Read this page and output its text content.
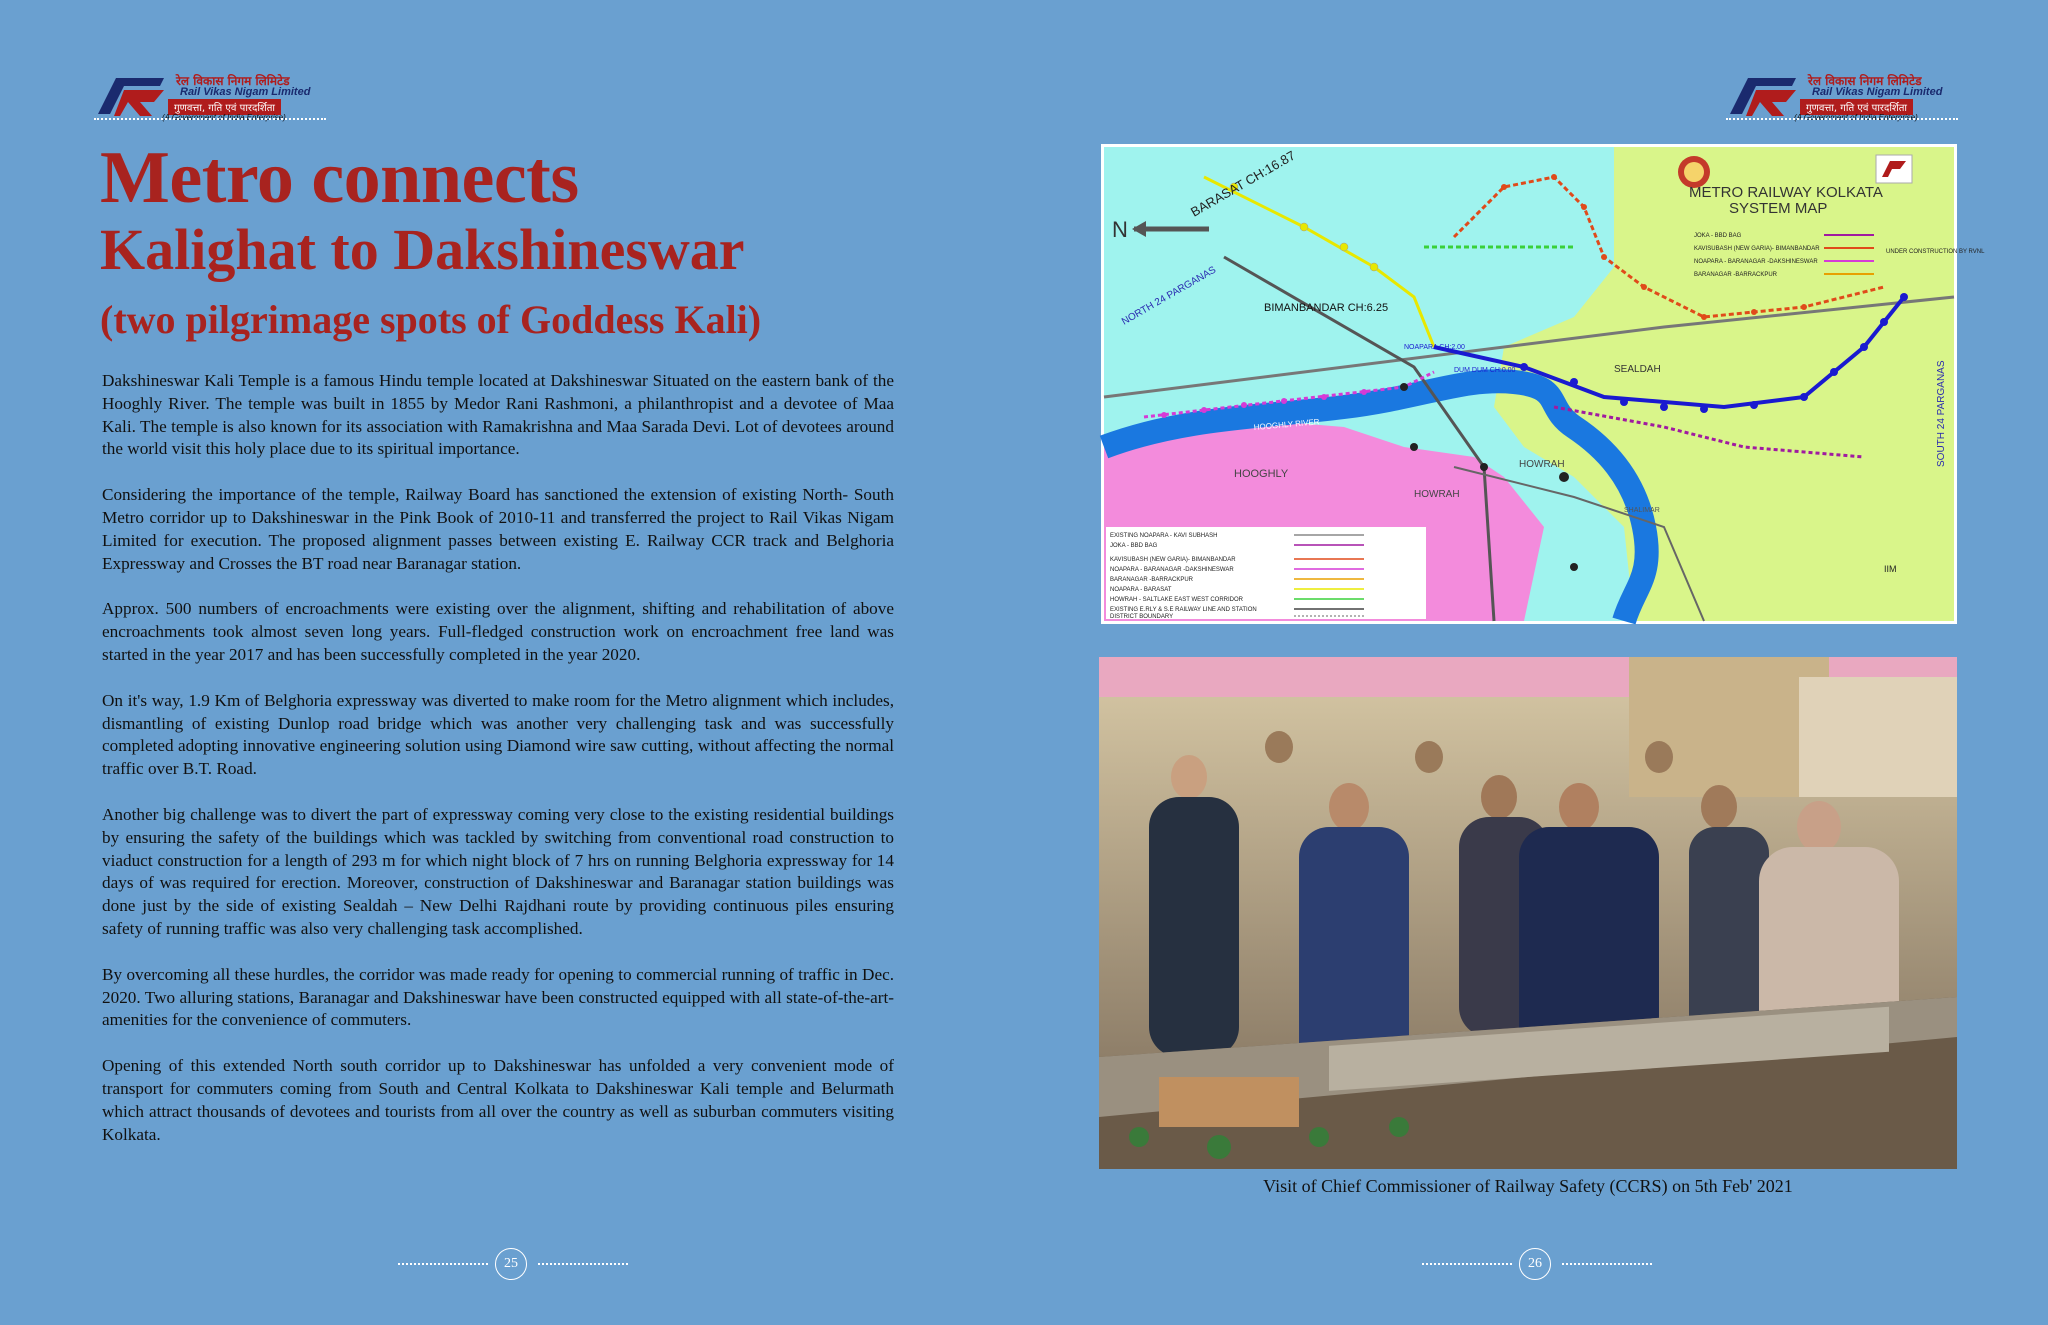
रेल विकास निगम लिमिटेड
Rail Vikas Nigam Limited
गुणवत्ता, गति एवं पारदर्शिता
(A Government of India Enterprise)
Metro connects
Kalighat to Dakshineswar
(two pilgrimage spots of Goddess Kali)

Dakshineswar Kali Temple is a famous Hindu temple located at Dakshineswar Situated on the eastern bank of the Hooghly River. The temple was built in 1855 by Medor Rani Rashmoni, a philanthropist and a devotee of Maa Kali. The temple is also known for its association with Ramakrishna and Maa Sarada Devi. Lot of devotees around the world visit this holy place due to its spiritual importance.

Considering the importance of the temple, Railway Board has sanctioned the extension of existing North- South Metro corridor up to Dakshineswar in the Pink Book of 2010-11 and transferred the project to Rail Vikas Nigam Limited for execution. The proposed alignment passes between existing E. Railway CCR track and Belghoria Expressway and Crosses the BT road near Baranagar station.

Approx. 500 numbers of encroachments were existing over the alignment, shifting and rehabilitation of above encroachments took almost seven long years. Full-fledged construction work on encroachment free land was started in the year 2017 and has been successfully completed in the year 2020.

On it's way, 1.9 Km of Belghoria expressway was diverted to make room for the Metro alignment which includes, dismantling of existing Dunlop road bridge which was another very challenging task and was successfully completed adopting innovative engineering solution using Diamond wire saw cutting, without affecting the normal traffic over B.T. Road.

Another big challenge was to divert the part of expressway coming very close to the existing residential buildings by ensuring the safety of the buildings which was tackled by switching from conventional road construction to viaduct construction for a length of 293 m for which night block of 7 hrs on running Belghoria expressway for 14 days of was required for erection. Moreover, construction of Dakshineswar and Baranagar station buildings was done just by the side of existing Sealdah – New Delhi Rajdhani route by providing continuous piles ensuring safety of running traffic was also very challenging task accomplished.

By overcoming all these hurdles, the corridor was made ready for opening to commercial running of traffic in Dec. 2020. Two alluring stations, Baranagar and Dakshineswar have been constructed equipped with all state-of-the-art-amenities for the convenience of commuters.

Opening of this extended North south corridor up to Dakshineswar has unfolded a very convenient mode of transport for commuters coming from South and Central Kolkata to Dakshineswar Kali temple and Belurmath which attract thousands of devotees and tourists from all over the country as well as suburban commuters visiting Kolkata.

25
रेल विकास निगम लिमिटेड
Rail Vikas Nigam Limited
गुणवत्ता, गति एवं पारदर्शिता
(A Government of India Enterprise)
N
BARASAT CH:16.87
BIMANBANDAR CH:6.25
NORTH 24 PARGANAS
SOUTH 24 PARGANAS
HOOGHLY
HOWRAH
HOWRAH
SEALDAH
NOAPARA CH:2.00
DUM DUM CH:0.00
HOOGHLY RIVER
IIM
SHALIMAR
METRO RAILWAY KOLKATA
SYSTEM MAP
JOKA - BBD BAG
KAVISUBASH (NEW GARIA)- BIMANBANDAR
NOAPARA - BARANAGAR -DAKSHINESWAR
BARANAGAR -BARRACKPUR
UNDER CONSTRUCTION BY RVNL
EXISTING NOAPARA - KAVI SUBHASH
JOKA - BBD BAG
KAVISUBASH (NEW GARIA)- BIMANBANDAR
NOAPARA - BARANAGAR -DAKSHINESWAR
BARANAGAR -BARRACKPUR
NOAPARA - BARASAT
HOWRAH - SALTLAKE EAST WEST CORRIDOR
EXISTING E.RLY & S.E RAILWAY LINE AND STATION
DISTRICT BOUNDARY
Visit of Chief Commissioner of Railway Safety (CCRS) on 5th Feb' 2021
26
